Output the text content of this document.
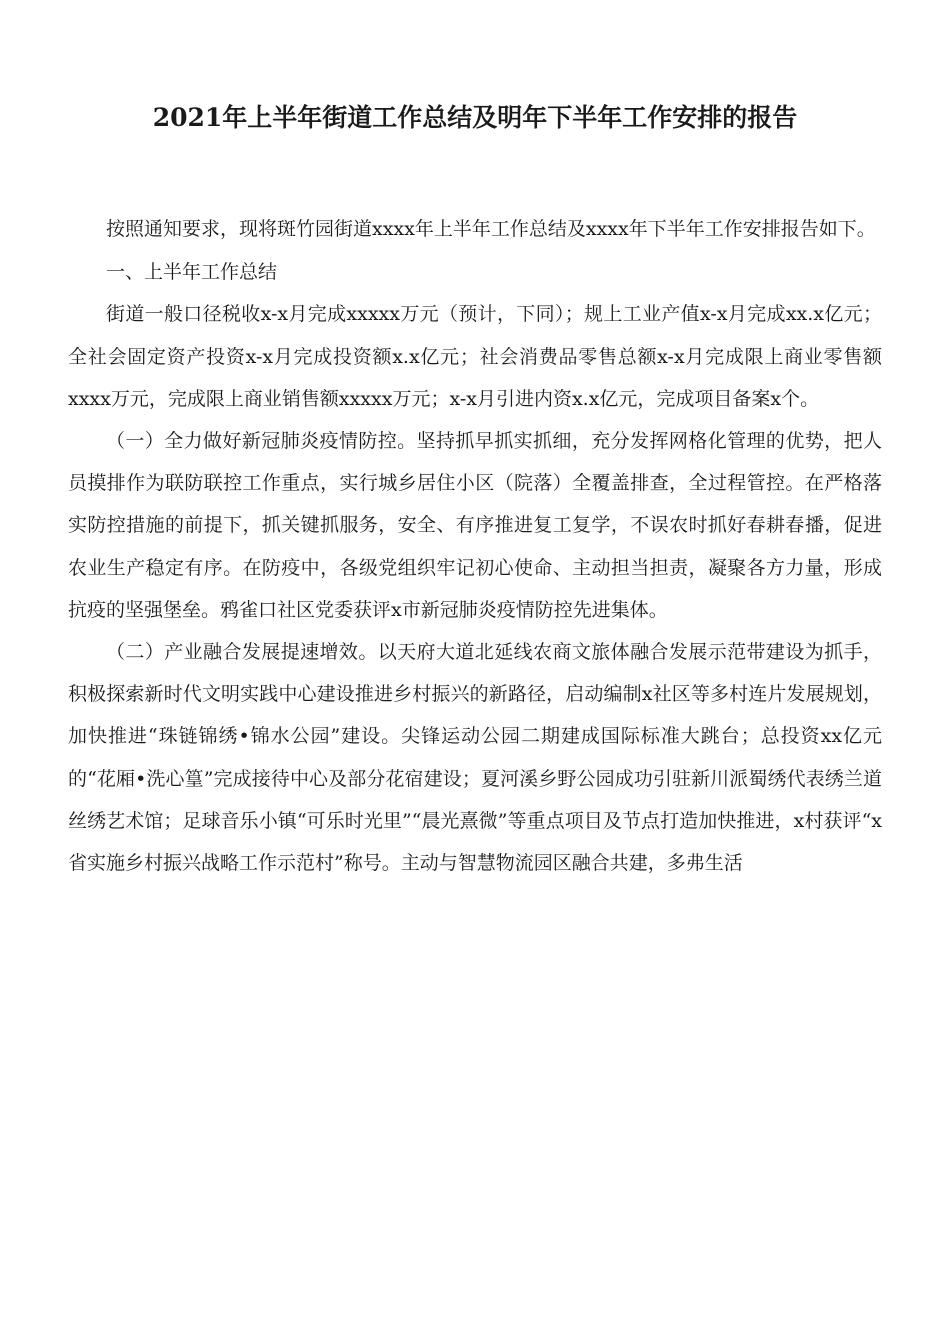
2021年上半年街道工作总结及明年下半年工作安排的报告

按照通知要求，现将斑竹园街道xxxx年上半年工作总结及xxxx年下半年工作安排报告如下。

一、上半年工作总结

街道一般口径税收x-x月完成xxxxx万元（预计，下同）；规上工业产值x-x月完成xx.x亿元；全社会固定资产投资x-x月完成投资额x.x亿元；社会消费品零售总额x-x月完成限上商业零售额xxxx万元，完成限上商业销售额xxxxx万元；x-x月引进内资x.x亿元，完成项目备案x个。

（一）全力做好新冠肺炎疫情防控。坚持抓早抓实抓细，充分发挥网格化管理的优势，把人员摸排作为联防联控工作重点，实行城乡居住小区（院落）全覆盖排查，全过程管控。在严格落实防控措施的前提下，抓关键抓服务，安全、有序推进复工复学，不误农时抓好春耕春播，促进农业生产稳定有序。在防疫中，各级党组织牢记初心使命、主动担当担责，凝聚各方力量，形成抗疫的坚强堡垒。鸦雀口社区党委获评x市新冠肺炎疫情防控先进集体。

（二）产业融合发展提速增效。以天府大道北延线农商文旅体融合发展示范带建设为抓手，积极探索新时代文明实践中心建设推进乡村振兴的新路径，启动编制x社区等多村连片发展规划，加快推进“珠链锦绣•锦水公园”建设。尖锋运动公园二期建成国际标准大跳台；总投资xx亿元的“花厢•洗心篁”完成接待中心及部分花宿建设；夏河溪乡野公园成功引驻新川派蜀绣代表绣兰道丝绣艺术馆；足球音乐小镇“可乐时光里”“晨光熹微”等重点项目及节点打造加快推进，x村获评“x省实施乡村振兴战略工作示范村”称号。主动与智慧物流园区融合共建，多弗生活
